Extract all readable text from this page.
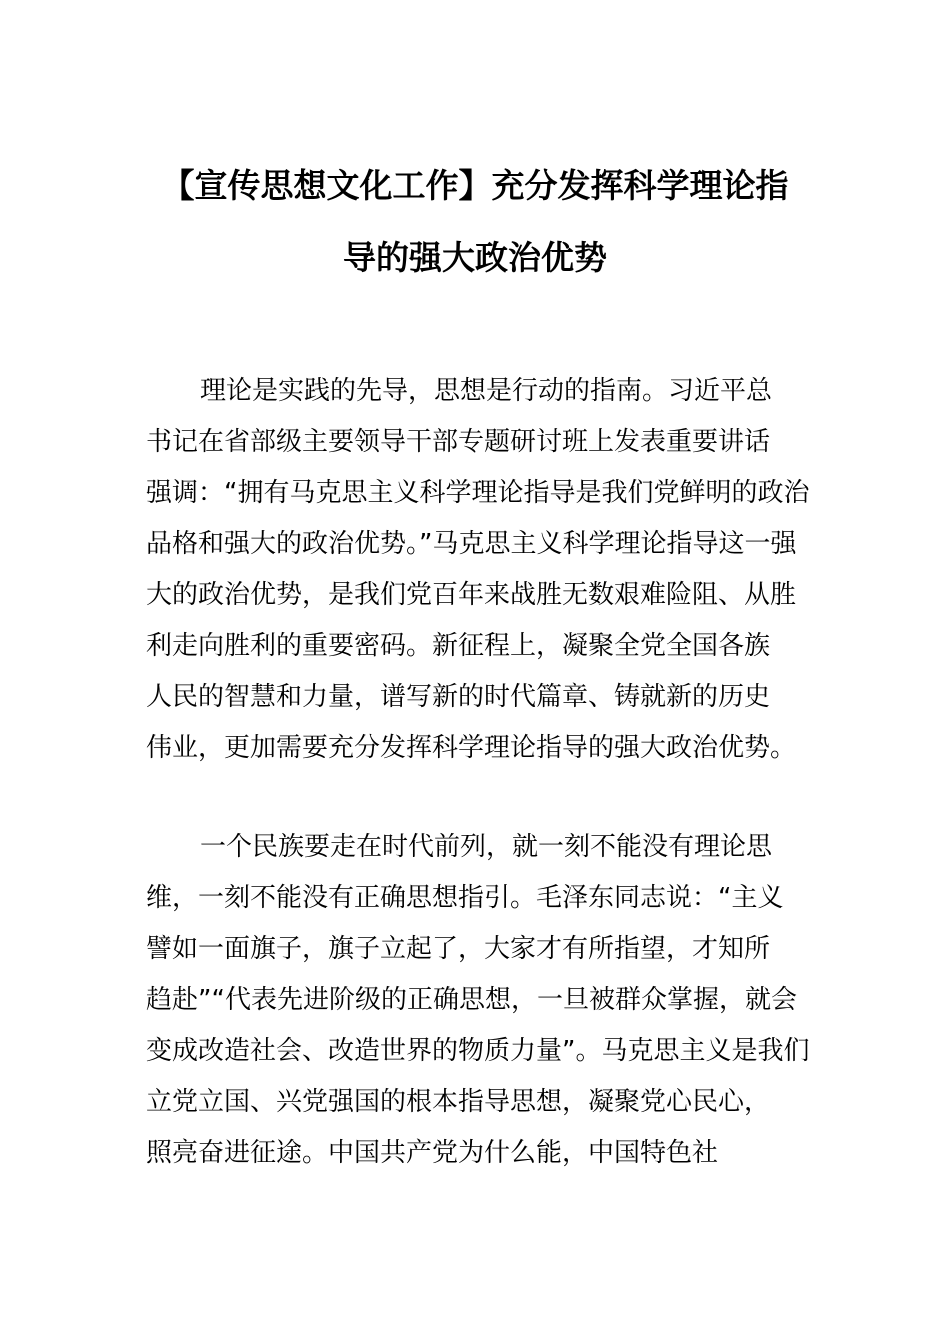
【宣传思想文化工作】充分发挥科学理论指
导的强大政治优势
理论是实践的先导，思想是行动的指南。习近平总
书记在省部级主要领导干部专题研讨班上发表重要讲话
强调：“拥有马克思主义科学理论指导是我们党鲜明的政治
品格和强大的政治优势。”马克思主义科学理论指导这一强
大的政治优势，是我们党百年来战胜无数艰难险阻、从胜
利走向胜利的重要密码。新征程上，凝聚全党全国各族
人民的智慧和力量，谱写新的时代篇章、铸就新的历史
伟业，更加需要充分发挥科学理论指导的强大政治优势。
一个民族要走在时代前列，就一刻不能没有理论思
维，一刻不能没有正确思想指引。毛泽东同志说：“主义
譬如一面旗子，旗子立起了，大家才有所指望，才知所
趋赴”“代表先进阶级的正确思想，一旦被群众掌握，就会
变成改造社会、改造世界的物质力量”。马克思主义是我们
立党立国、兴党强国的根本指导思想，凝聚党心民心，
照亮奋进征途。中国共产党为什么能，中国特色社
